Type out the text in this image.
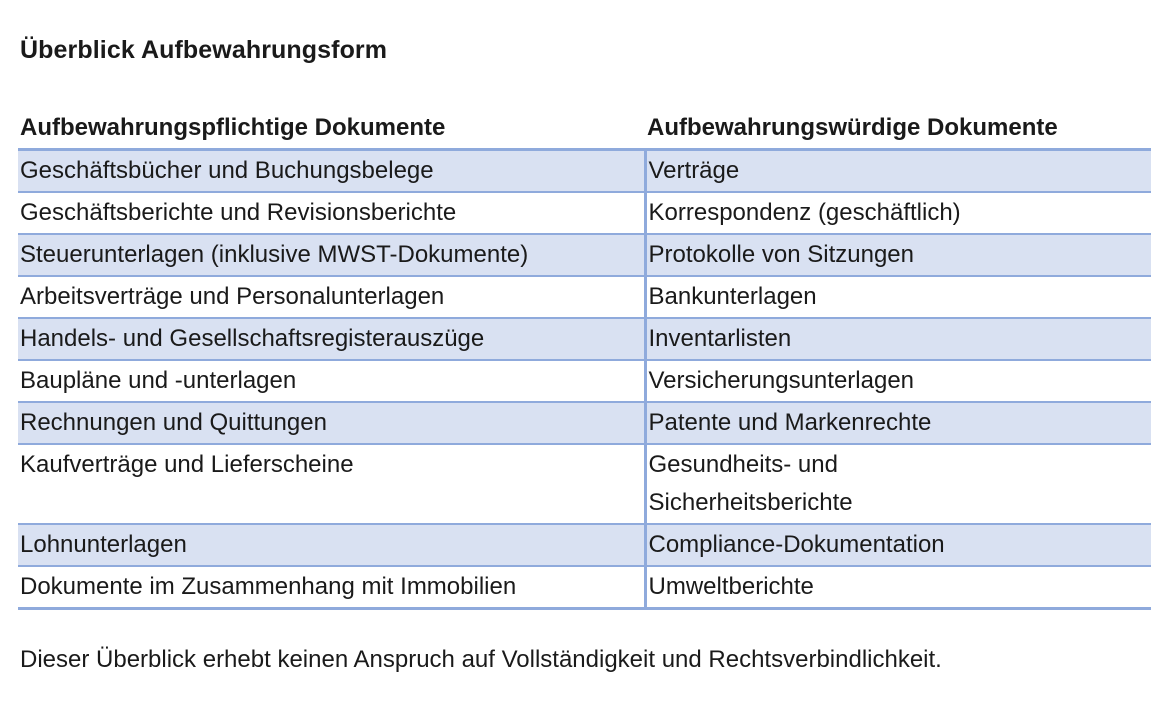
Überblick Aufbewahrungsform
Aufbewahrungspflichtige Dokumente	Aufbewahrungswürdige Dokumente
Geschäftsbücher und Buchungsbelege	Verträge
Geschäftsberichte und Revisionsberichte	Korrespondenz (geschäftlich)
Steuerunterlagen (inklusive MWST-Dokumente)	Protokolle von Sitzungen
Arbeitsverträge und Personalunterlagen	Bankunterlagen
Handels- und Gesellschaftsregisterauszüge	Inventarlisten
Baupläne und -unterlagen	Versicherungsunterlagen
Rechnungen und Quittungen	Patente und Markenrechte
Kaufverträge und Lieferscheine	Gesundheits- und
Sicherheitsberichte
Lohnunterlagen	Compliance-Dokumentation
Dokumente im Zusammenhang mit Immobilien	Umweltberichte
Dieser Überblick erhebt keinen Anspruch auf Vollständigkeit und Rechtsverbindlichkeit.
